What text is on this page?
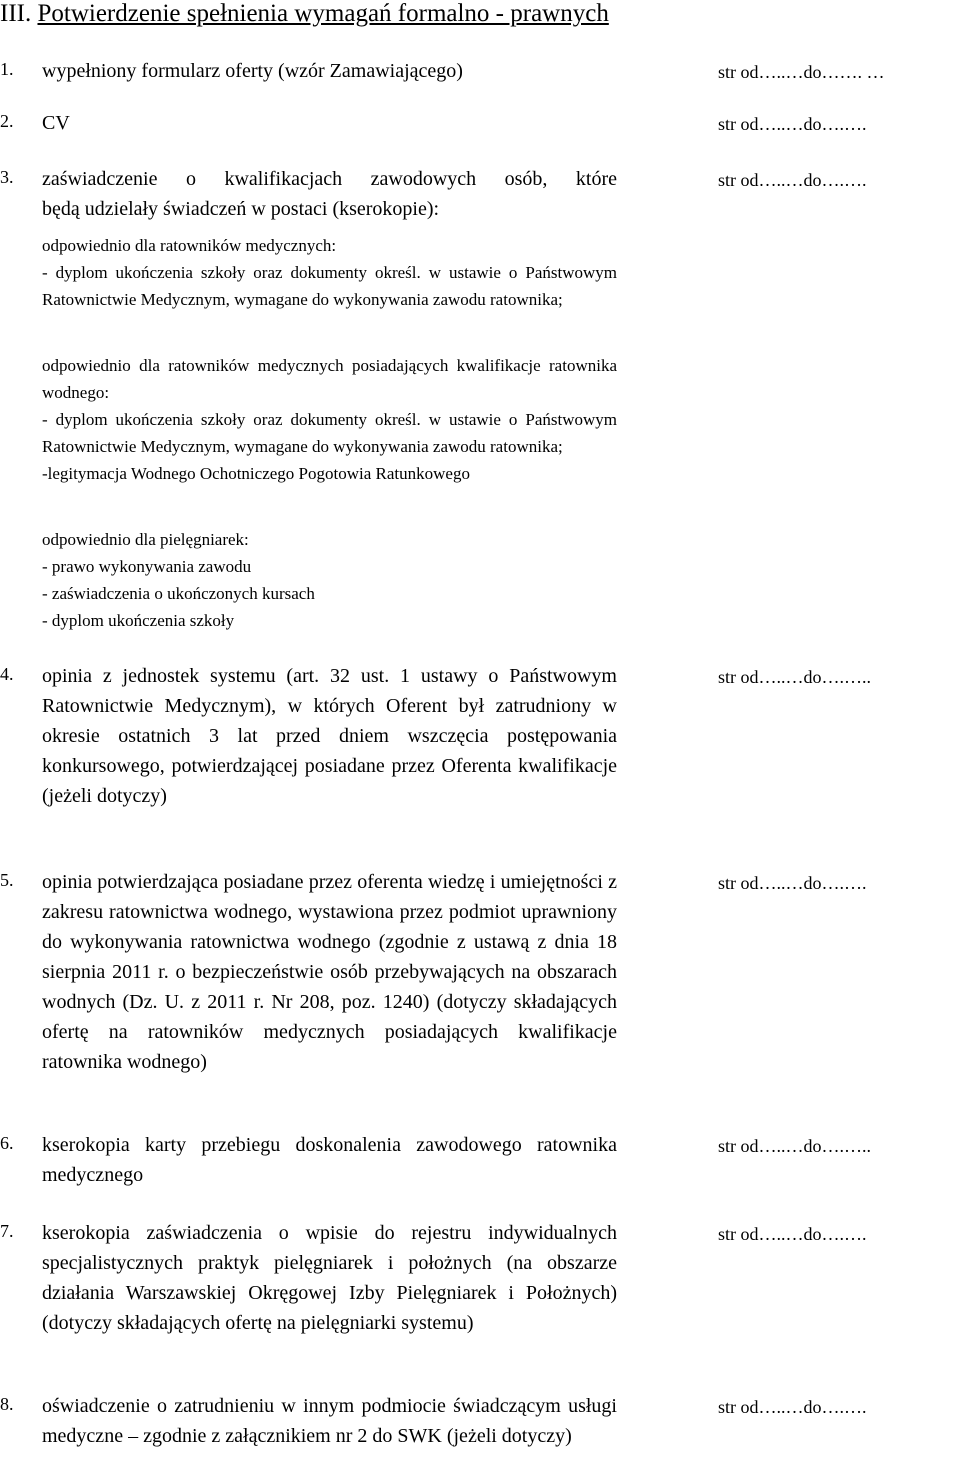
III. Potwierdzenie spełnienia wymagań formalno - prawnych
1. wypełniony formularz oferty (wzór Zamawiającego)	str od…..…do……. …
2. CV	str od…..…do….….
3. zaświadczenie o kwalifikacjach zawodowych osób, które
będą udzielały świadczeń w postaci (kserokopie):
str od…..…do….….

odpowiednio dla ratowników medycznych:

- dyplom ukończenia szkoły oraz dokumenty określ. w ustawie o Państwowym Ratownictwie Medycznym, wymagane do wykonywania zawodu ratownika;

odpowiednio dla ratowników medycznych posiadających kwalifikacje ratownika wodnego:

- dyplom ukończenia szkoły oraz dokumenty określ. w ustawie o Państwowym Ratownictwie Medycznym, wymagane do wykonywania zawodu ratownika;

-legitymacja Wodnego Ochotniczego Pogotowia Ratunkowego

odpowiednio dla pielęgniarek:

- prawo wykonywania zawodu

- zaświadczenia o ukończonych kursach

- dyplom ukończenia szkoły

4. opinia z jednostek systemu (art. 32 ust. 1 ustawy o Państwowym Ratownictwie Medycznym), w których Oferent był zatrudniony w okresie ostatnich 3 lat przed dniem wszczęcia postępowania konkursowego, potwierdzającej posiadane przez Oferenta kwalifikacje (jeżeli dotyczy)
str od…..…do….…..
5. opinia potwierdzająca posiadane przez oferenta wiedzę i umiejętności z zakresu ratownictwa wodnego, wystawiona przez podmiot uprawniony do wykonywania ratownictwa wodnego (zgodnie z ustawą z dnia 18 sierpnia 2011 r. o bezpieczeństwie osób przebywających na obszarach wodnych (Dz. U. z 2011 r. Nr 208, poz. 1240) (dotyczy składających ofertę na ratowników medycznych posiadających kwalifikacje ratownika wodnego)
str od…..…do….….
6. kserokopia karty przebiegu doskonalenia zawodowego ratownika medycznego
str od…..…do….…..
7. kserokopia zaświadczenia o wpisie do rejestru indywidualnych specjalistycznych praktyk pielęgniarek i położnych (na obszarze działania Warszawskiej Okręgowej Izby Pielęgniarek i Położnych) (dotyczy składających ofertę na pielęgniarki systemu)
str od…..…do….….
8. oświadczenie o zatrudnieniu w innym podmiocie świadczącym usługi medyczne – zgodnie z załącznikiem nr 2 do SWK (jeżeli dotyczy)
str od…..…do….….
